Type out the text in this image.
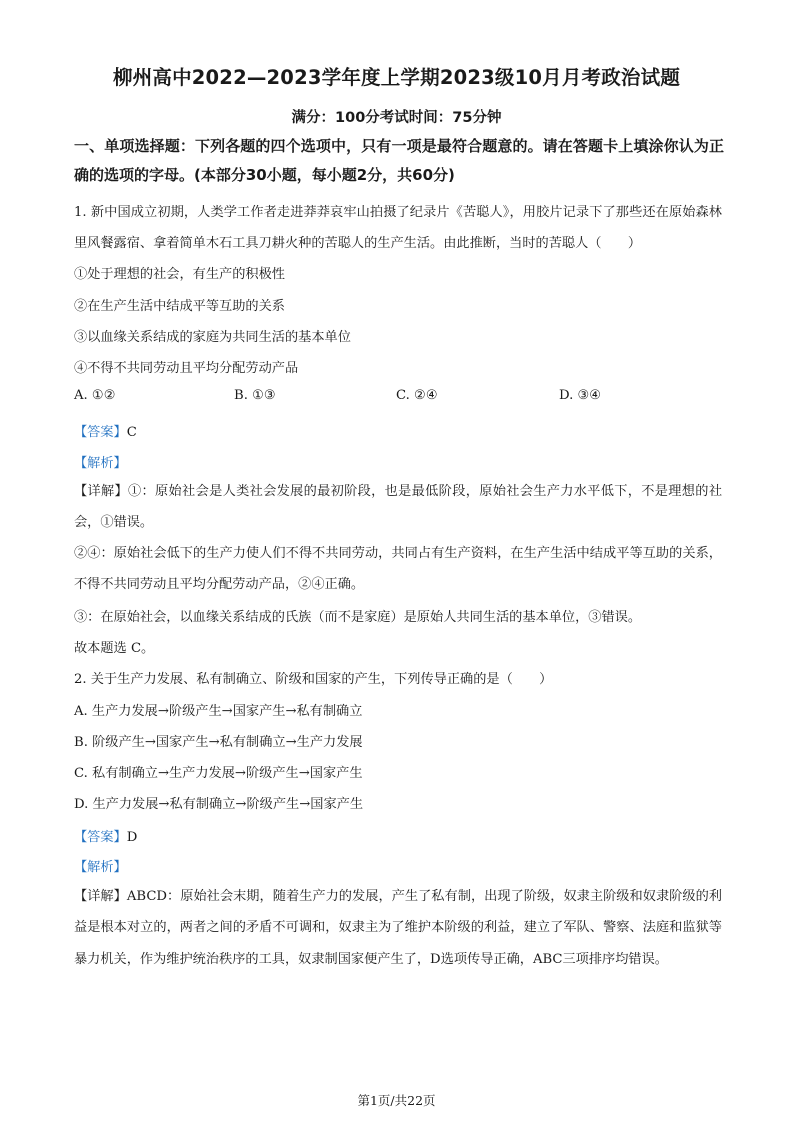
柳州高中2022—2023学年度上学期2023级10月月考政治试题
满分：100分考试时间：75分钟
一、单项选择题：下列各题的四个选项中，只有一项是最符合题意的。请在答题卡上填涂你认为正确的选项的字母。(本部分30小题，每小题2分，共60分)
1. 新中国成立初期，人类学工作者走进莽莽哀牢山拍摄了纪录片《苦聪人》，用胶片记录下了那些还在原始森林里风餐露宿、拿着简单木石工具刀耕火种的苦聪人的生产生活。由此推断，当时的苦聪人（　　）
①处于理想的社会，有生产的积极性
②在生产生活中结成平等互助的关系
③以血缘关系结成的家庭为共同生活的基本单位
④不得不共同劳动且平均分配劳动产品
A. ①②	B. ①③	C. ②④	D. ③④
【答案】C
【解析】
【详解】①：原始社会是人类社会发展的最初阶段，也是最低阶段，原始社会生产力水平低下，不是理想的社会，①错误。
②④：原始社会低下的生产力使人们不得不共同劳动，共同占有生产资料，在生产生活中结成平等互助的关系，不得不共同劳动且平均分配劳动产品，②④正确。
③：在原始社会，以血缘关系结成的氏族（而不是家庭）是原始人共同生活的基本单位，③错误。
故本题选 C。
2. 关于生产力发展、私有制确立、阶级和国家的产生，下列传导正确的是（　　）
A. 生产力发展→阶级产生→国家产生→私有制确立
B. 阶级产生→国家产生→私有制确立→生产力发展
C. 私有制确立→生产力发展→阶级产生→国家产生
D. 生产力发展→私有制确立→阶级产生→国家产生
【答案】D
【解析】
【详解】ABCD：原始社会末期，随着生产力的发展，产生了私有制，出现了阶级，奴隶主阶级和奴隶阶级的利益是根本对立的，两者之间的矛盾不可调和，奴隶主为了维护本阶级的利益，建立了军队、警察、法庭和监狱等暴力机关，作为维护统治秩序的工具，奴隶制国家便产生了，D选项传导正确，ABC三项排序均错误。
第1页/共22页
